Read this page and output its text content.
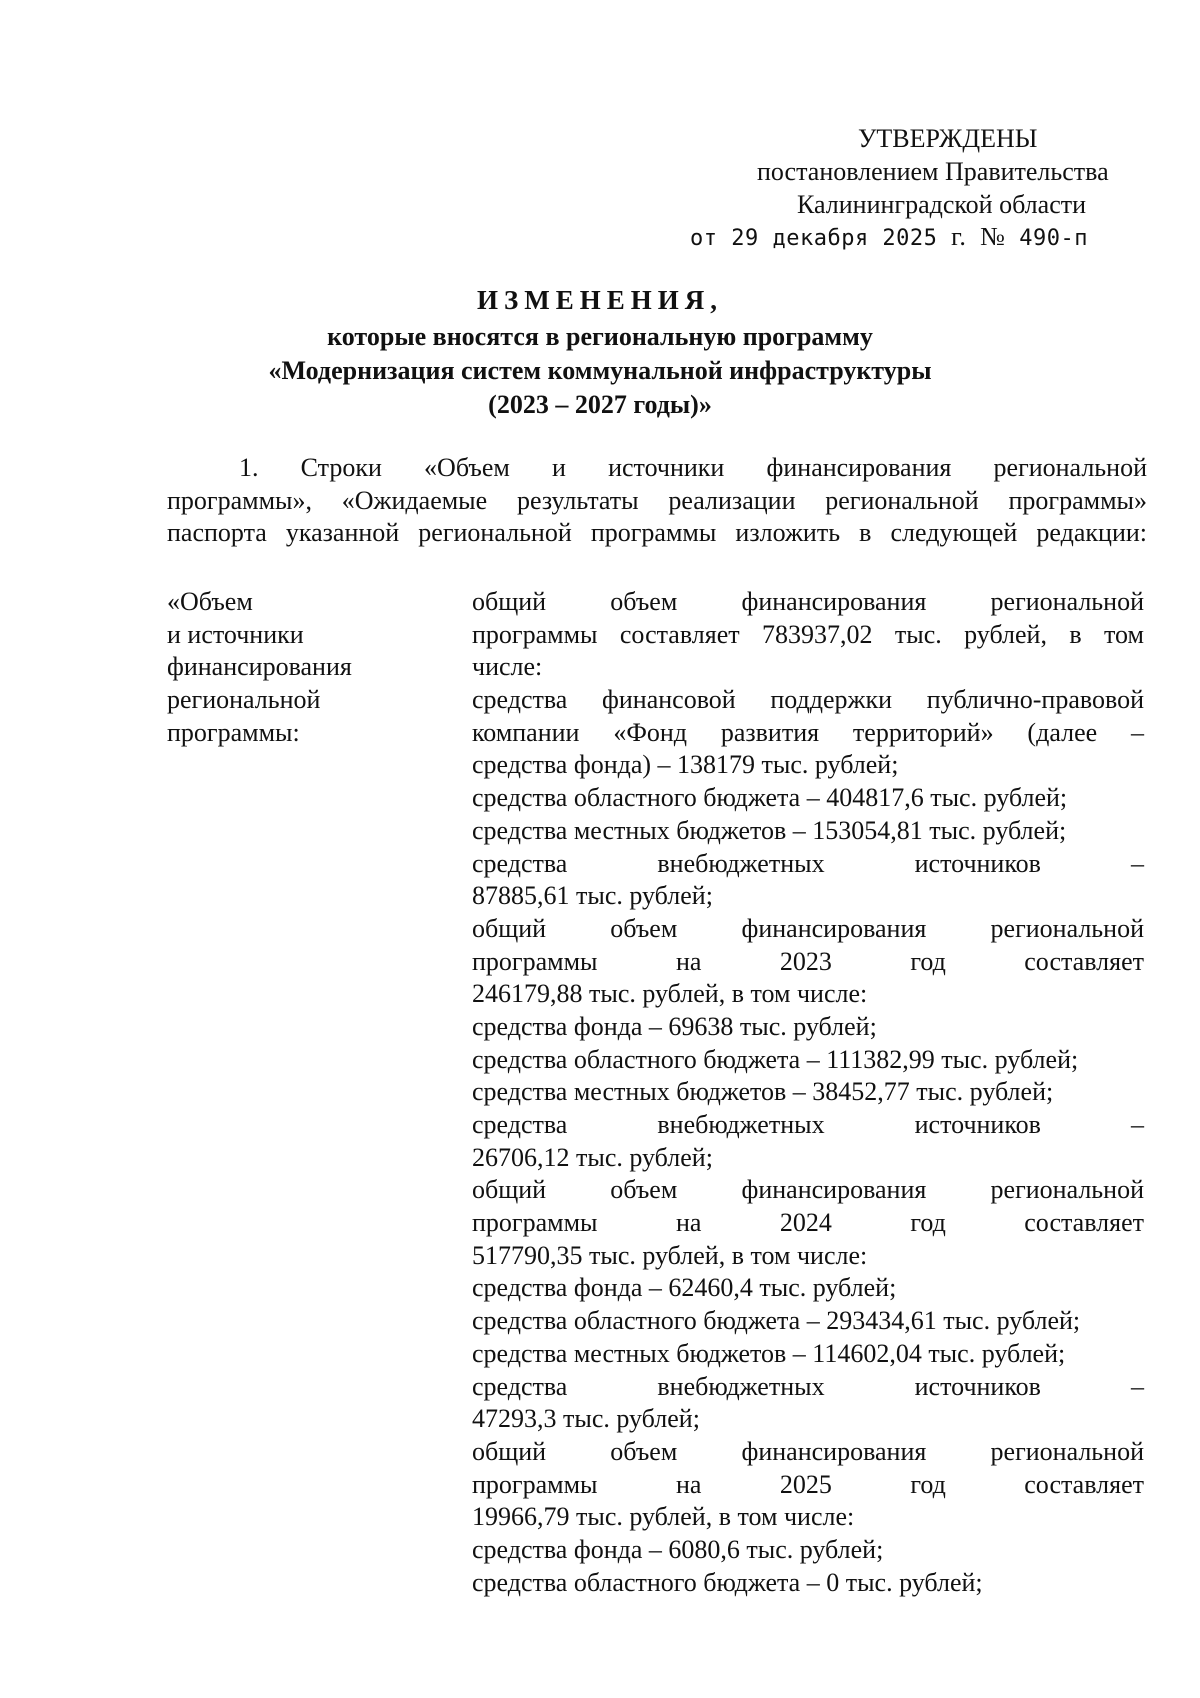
УТВЕРЖДЕНЫ
постановлением Правительства
Калининградской области
от 29 декабря 2025 г. № 490-п
ИЗМЕНЕНИЯ,
которые вносятся в региональную программу
«Модернизация систем коммунальной инфраструктуры
(2023 – 2027 годы)»
1. Строки «Объем и источники финансирования региональной
программы», «Ожидаемые результаты реализации региональной программы»
паспорта указанной региональной программы изложить в следующей редакции:
«Объем
и источники
финансирования
региональной
программы:
общий объем финансирования региональной
программы составляет 783937,02 тыс. рублей, в том
числе:
средства финансовой поддержки публично-правовой
компании «Фонд развития территорий» (далее –
средства фонда) – 138179 тыс. рублей;
средства областного бюджета – 404817,6 тыс. рублей;
средства местных бюджетов – 153054,81 тыс. рублей;
средства внебюджетных источников –
87885,61 тыс. рублей;
общий объем финансирования региональной
программы на 2023 год составляет
246179,88 тыс. рублей, в том числе:
средства фонда – 69638 тыс. рублей;
средства областного бюджета – 111382,99 тыс. рублей;
средства местных бюджетов – 38452,77 тыс. рублей;
средства внебюджетных источников –
26706,12 тыс. рублей;
общий объем финансирования региональной
программы на 2024 год составляет
517790,35 тыс. рублей, в том числе:
средства фонда – 62460,4 тыс. рублей;
средства областного бюджета – 293434,61 тыс. рублей;
средства местных бюджетов – 114602,04 тыс. рублей;
средства внебюджетных источников –
47293,3 тыс. рублей;
общий объем финансирования региональной
программы на 2025 год составляет
19966,79 тыс. рублей, в том числе:
средства фонда – 6080,6 тыс. рублей;
средства областного бюджета – 0 тыс. рублей;
